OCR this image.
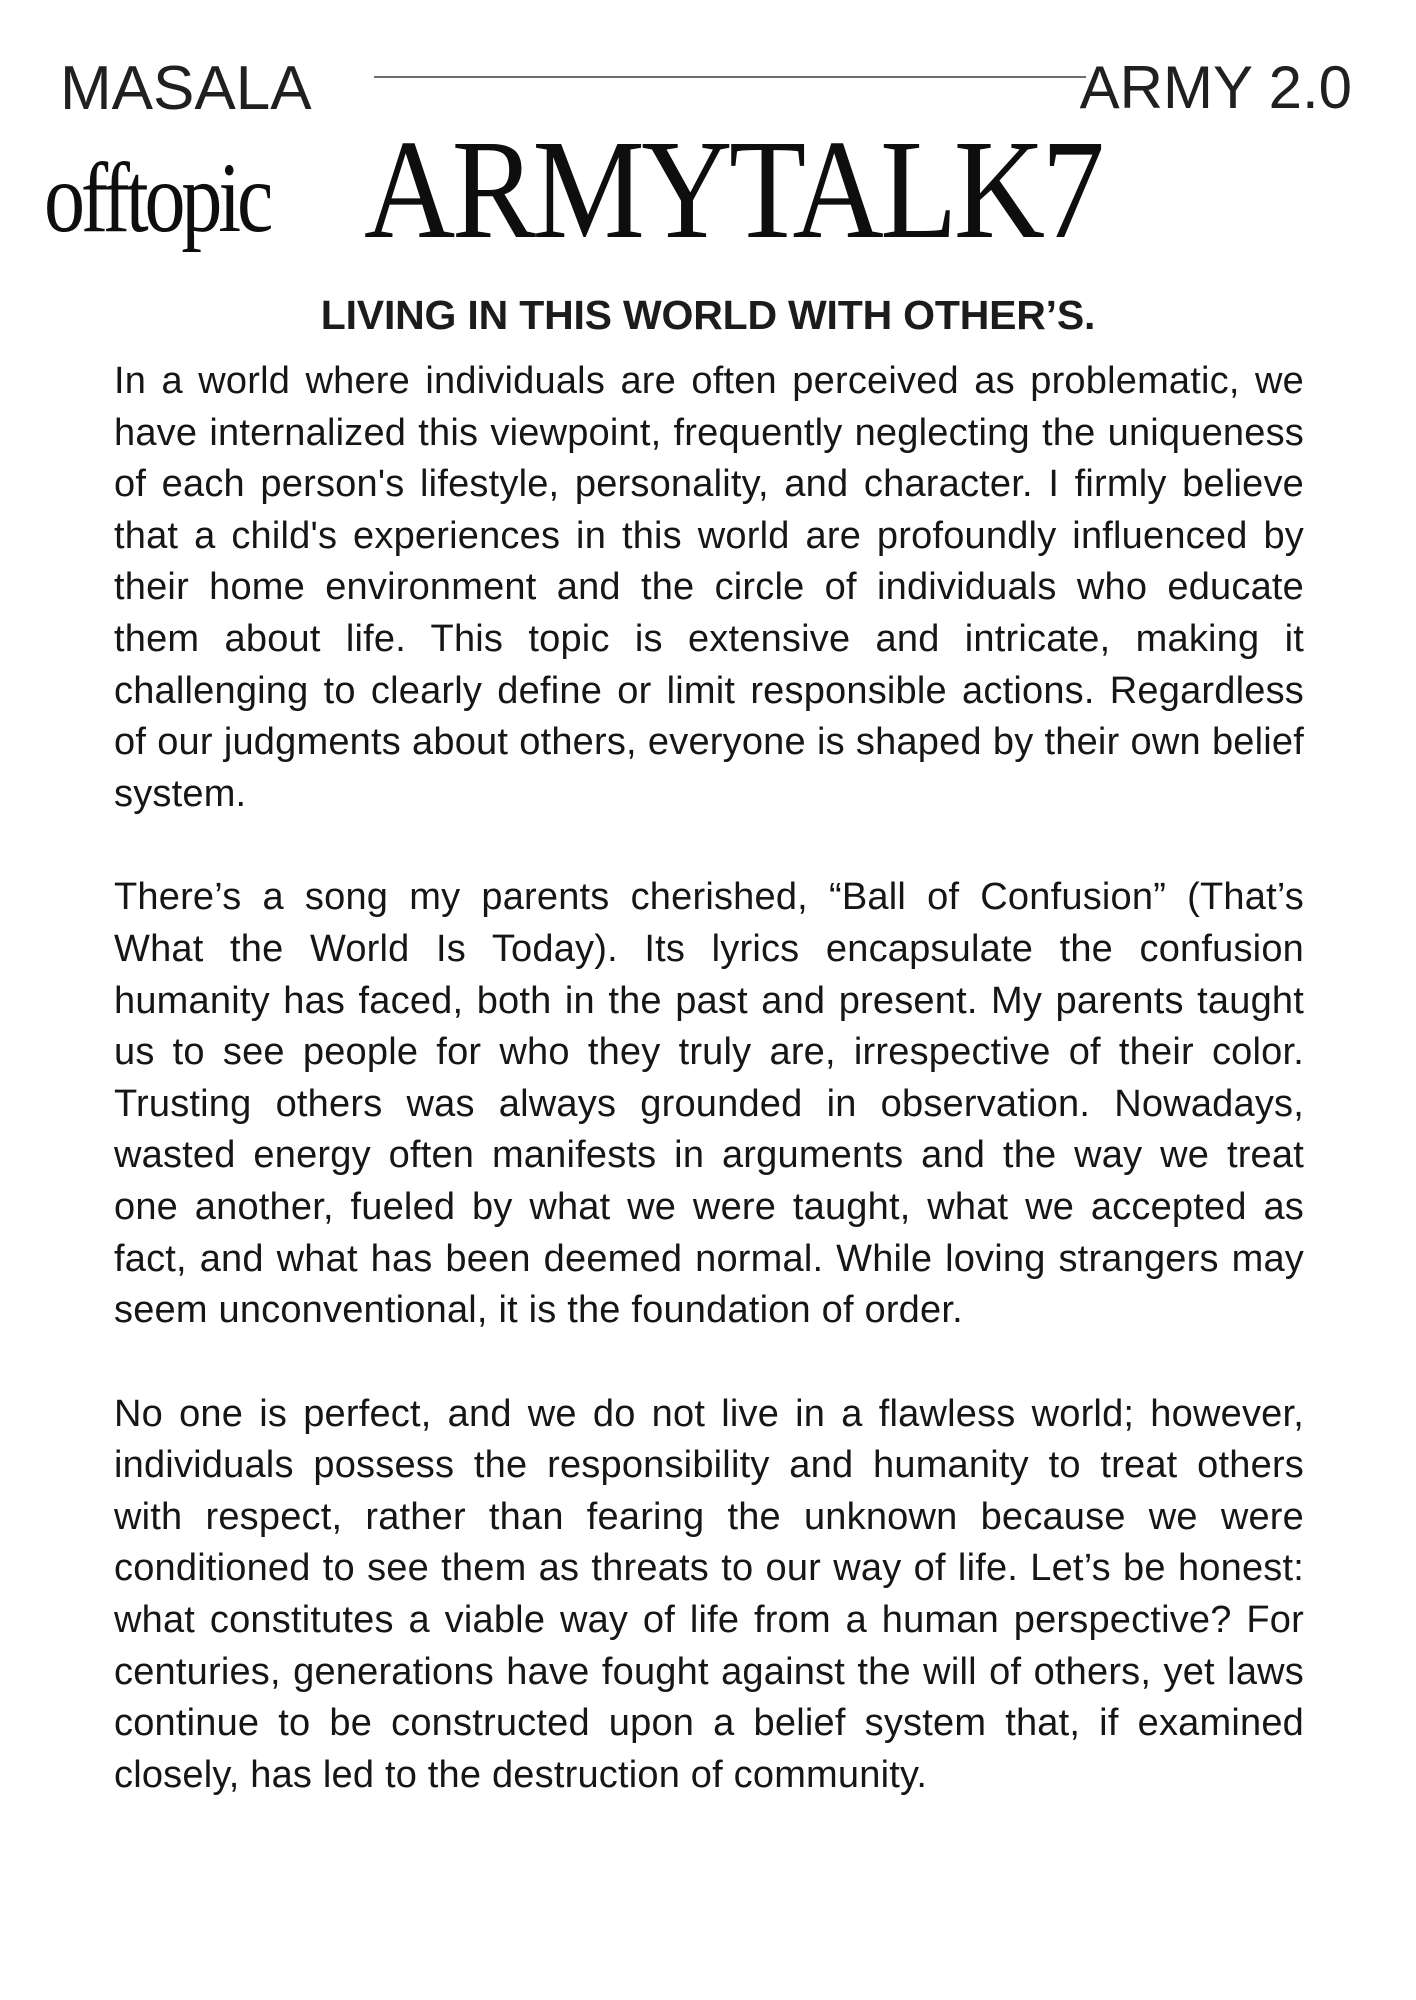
MASALA	ARMY 2.0
offtopic ARMYTALK7
LIVING IN THIS WORLD WITH OTHER’S.

In a world where individuals are often perceived as problematic, we have internalized this viewpoint, frequently neglecting the uniqueness of each person's lifestyle, personality, and character. I firmly believe that a child's experiences in this world are profoundly influenced by their home environment and the circle of individuals who educate them about life. This topic is extensive and intricate, making it challenging to clearly define or limit responsible actions. Regardless of our judgments about others, everyone is shaped by their own belief system.

There’s a song my parents cherished, “Ball of Confusion” (That’s What the World Is Today). Its lyrics encapsulate the confusion humanity has faced, both in the past and present. My parents taught us to see people for who they truly are, irrespective of their color. Trusting others was always grounded in observation. Nowadays, wasted energy often manifests in arguments and the way we treat one another, fueled by what we were taught, what we accepted as fact, and what has been deemed normal. While loving strangers may seem unconventional, it is the foundation of order.

No one is perfect, and we do not live in a flawless world; however, individuals possess the responsibility and humanity to treat others with respect, rather than fearing the unknown because we were conditioned to see them as threats to our way of life. Let’s be honest: what constitutes a viable way of life from a human perspective? For centuries, generations have fought against the will of others, yet laws continue to be constructed upon a belief system that, if examined closely, has led to the destruction of community.
